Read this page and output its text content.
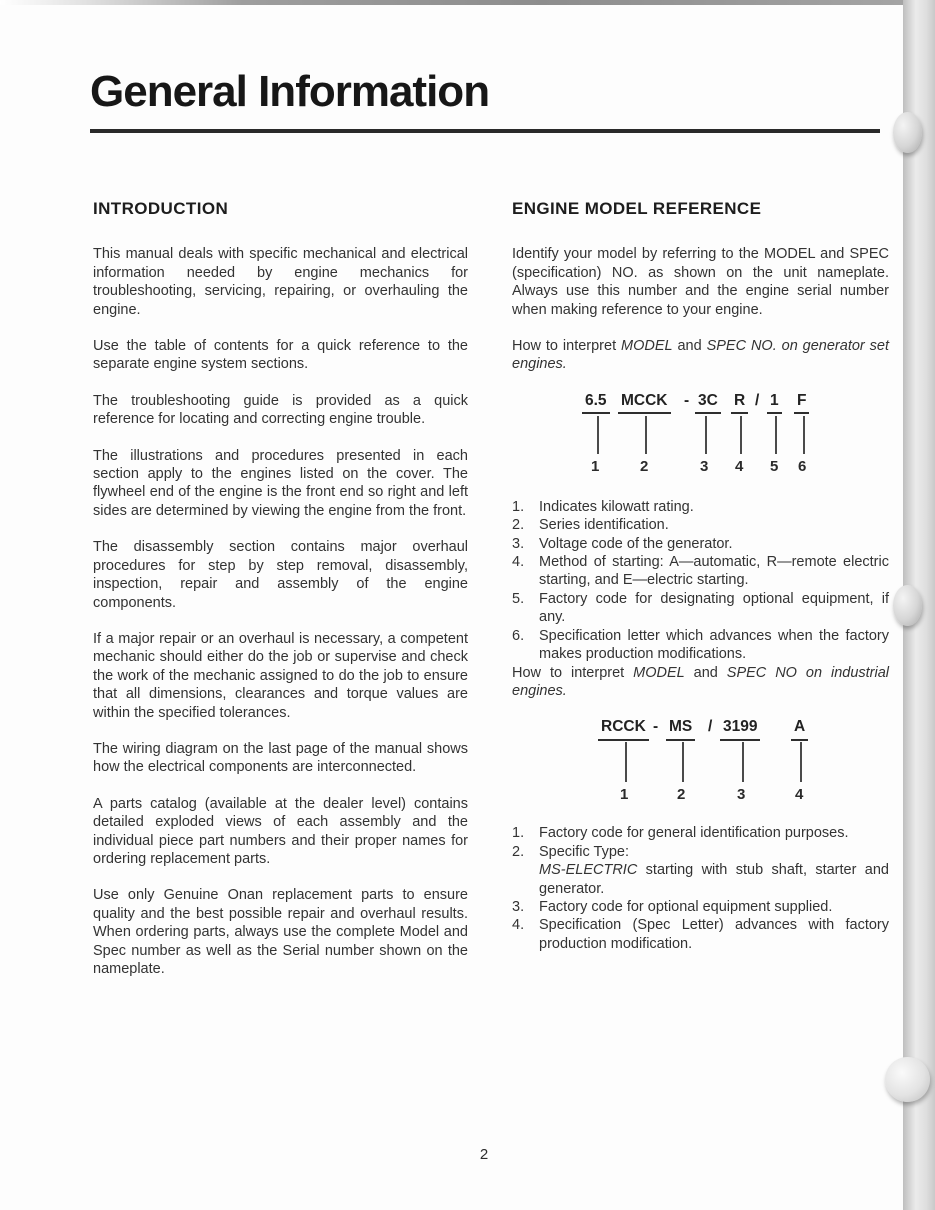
General Information
INTRODUCTION

This manual deals with specific mechanical and electrical information needed by engine mechanics for troubleshooting, servicing, repairing, or overhauling the engine.

Use the table of contents for a quick reference to the separate engine system sections.

The troubleshooting guide is provided as a quick reference for locating and correcting engine trouble.

The illustrations and procedures presented in each section apply to the engines listed on the cover. The flywheel end of the engine is the front end so right and left sides are determined by viewing the engine from the front.

The disassembly section contains major overhaul procedures for step by step removal, disassembly, inspection, repair and assembly of the engine components.

If a major repair or an overhaul is necessary, a competent mechanic should either do the job or supervise and check the work of the mechanic assigned to do the job to ensure that all dimensions, clearances and torque values are within the specified tolerances.

The wiring diagram on the last page of the manual shows how the electrical components are interconnected.

A parts catalog (available at the dealer level) contains detailed exploded views of each assembly and the individual piece part numbers and their proper names for ordering replacement parts.

Use only Genuine Onan replacement parts to ensure quality and the best possible repair and overhaul results. When ordering parts, always use the complete Model and Spec number as well as the Serial number shown on the nameplate.

ENGINE MODEL REFERENCE

Identify your model by referring to the MODEL and SPEC (specification) NO. as shown on the unit nameplate. Always use this number and the engine serial number when making reference to your engine.

How to interpret MODEL and SPEC NO. on generator set engines.

6.5 MCCK - 3C R / 1 F
1	2	3 4 5 6
1.	Indicates kilowatt rating.
2.	Series identification.
3.	Voltage code of the generator.
4.	Method of starting: A—automatic, R—remote electric starting, and E—electric starting.
5.	Factory code for designating optional equipment, if any.
6.	Specification letter which advances when the factory makes production modifications.

How to interpret MODEL and SPEC NO on industrial engines.

RCCK - MS / 3199 A
1	2	3	4
1.	Factory code for general identification purposes.
2.	Specific Type:
MS-ELECTRIC starting with stub shaft, starter and generator.
3.	Factory code for optional equipment supplied.
4.	Specification (Spec Letter) advances with factory production modification.
2
